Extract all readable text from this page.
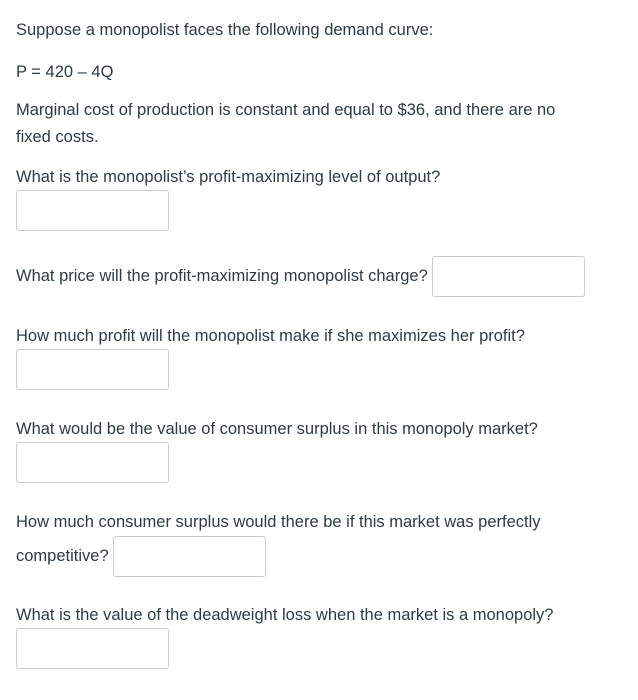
Suppose a monopolist faces the following demand curve:
P = 420 – 4Q
Marginal cost of production is constant and equal to $36, and there are no
fixed costs.
What is the monopolist’s profit-maximizing level of output?
What price will the profit-maximizing monopolist charge?
How much profit will the monopolist make if she maximizes her profit?
What would be the value of consumer surplus in this monopoly market?
How much consumer surplus would there be if this market was perfectly
competitive?
What is the value of the deadweight loss when the market is a monopoly?
